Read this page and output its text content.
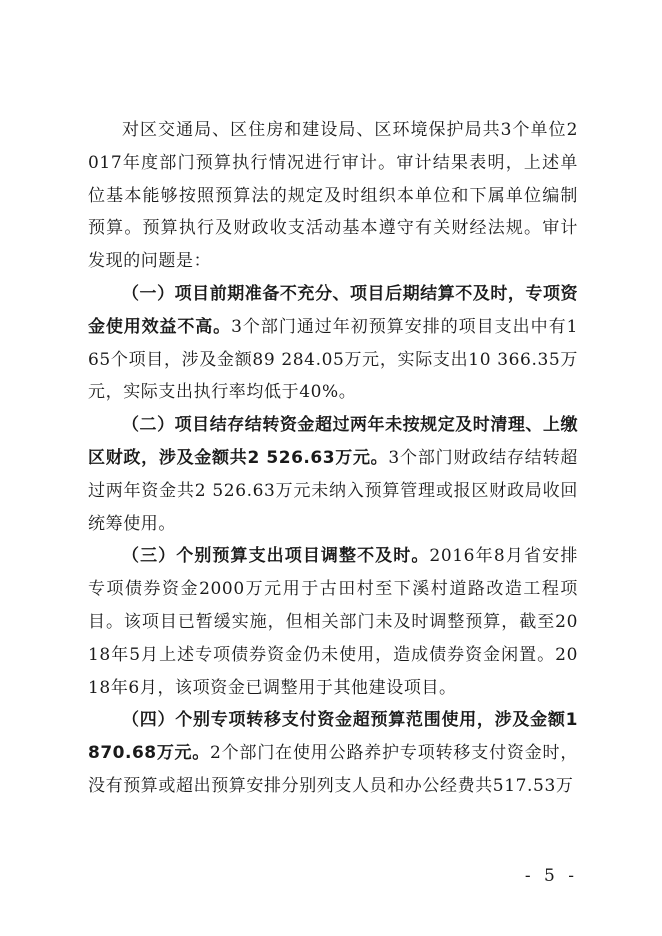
对区交通局、区住房和建设局、区环境保护局共3个单位2017年度部门预算执行情况进行审计。审计结果表明，上述单位基本能够按照预算法的规定及时组织本单位和下属单位编制预算。预算执行及财政收支活动基本遵守有关财经法规。审计发现的问题是：

（一）项目前期准备不充分、项目后期结算不及时，专项资金使用效益不高。3个部门通过年初预算安排的项目支出中有165个项目，涉及金额89 284.05万元，实际支出10 366.35万元，实际支出执行率均低于40%。

（二）项目结存结转资金超过两年未按规定及时清理、上缴区财政，涉及金额共2 526.63万元。3个部门财政结存结转超过两年资金共2 526.63万元未纳入预算管理或报区财政局收回统筹使用。

（三）个别预算支出项目调整不及时。2016年8月省安排专项债券资金2000万元用于古田村至下溪村道路改造工程项目。该项目已暂缓实施，但相关部门未及时调整预算，截至2018年5月上述专项债券资金仍未使用，造成债券资金闲置。2018年6月，该项资金已调整用于其他建设项目。

（四）个别专项转移支付资金超预算范围使用，涉及金额1 870.68万元。2个部门在使用公路养护专项转移支付资金时，没有预算或超出预算安排分别列支人员和办公经费共517.53万

- 5 -
